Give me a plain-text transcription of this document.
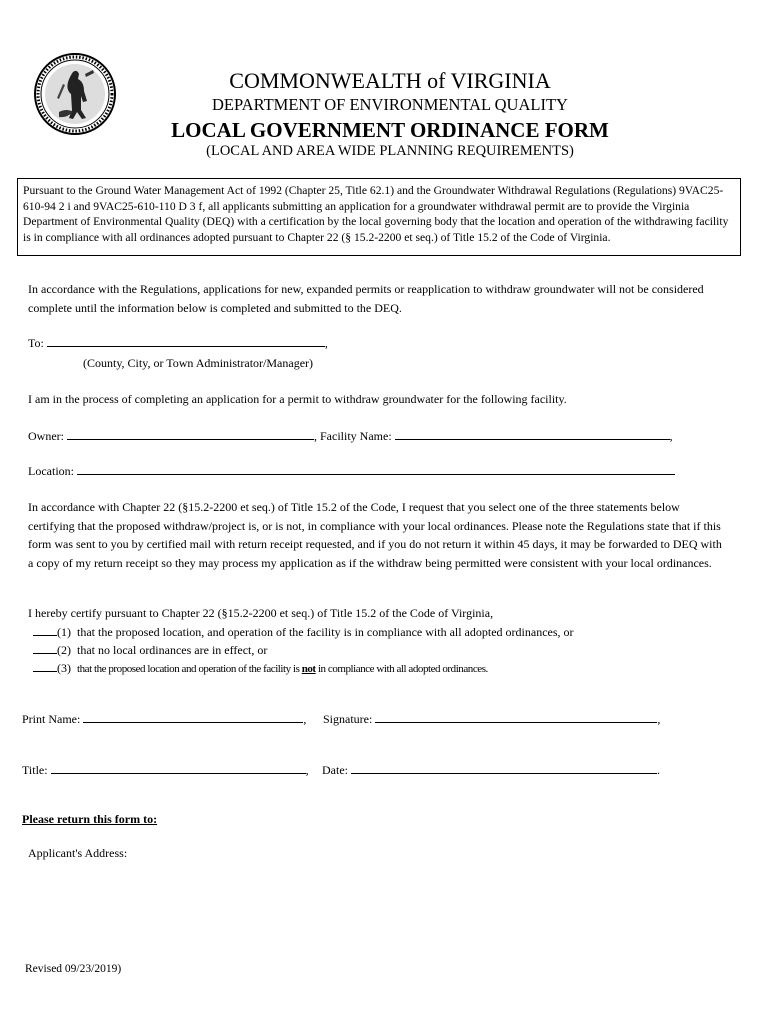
COMMONWEALTH of VIRGINIA
DEPARTMENT OF ENVIRONMENTAL QUALITY
LOCAL GOVERNMENT ORDINANCE FORM
(LOCAL AND AREA WIDE PLANNING REQUIREMENTS)
Pursuant to the Ground Water Management Act of 1992 (Chapter 25, Title 62.1) and the Groundwater Withdrawal Regulations (Regulations) 9VAC25-610-94 2 i and 9VAC25-610-110 D 3 f, all applicants submitting an application for a groundwater withdrawal permit are to provide the Virginia Department of Environmental Quality (DEQ) with a certification by the local governing body that the location and operation of the withdrawing facility is in compliance with all ordinances adopted pursuant to Chapter 22 (§ 15.2-2200 et seq.) of Title 15.2 of the Code of Virginia.
In accordance with the Regulations, applications for new, expanded permits or reapplication to withdraw groundwater will not be considered complete until the information below is completed and submitted to the DEQ.
To:	,
(County, City, or Town Administrator/Manager)
I am in the process of completing an application for a permit to withdraw groundwater for the following facility.
Owner:	, Facility Name:	,
Location:
In accordance with Chapter 22 (§15.2-2200 et seq.) of Title 15.2 of the Code, I request that you select one of the three statements below certifying that the proposed withdraw/project is, or is not, in compliance with your local ordinances. Please note the Regulations state that if this form was sent to you by certified mail with return receipt requested, and if you do not return it within 45 days, it may be forwarded to DEQ with a copy of my return receipt so they may process my application as if the withdraw being permitted were consistent with your local ordinances.
I hereby certify pursuant to Chapter 22 (§15.2-2200 et seq.) of Title 15.2 of the Code of Virginia,
(1) that the proposed location, and operation of the facility is in compliance with all adopted ordinances, or
(2) that no local ordinances are in effect, or
(3) that the proposed location and operation of the facility is not in compliance with all adopted ordinances.
Print Name:	, Signature:	,
Title:	, Date:	.
Please return this form to:
Applicant's Address:
Revised 09/23/2019)
